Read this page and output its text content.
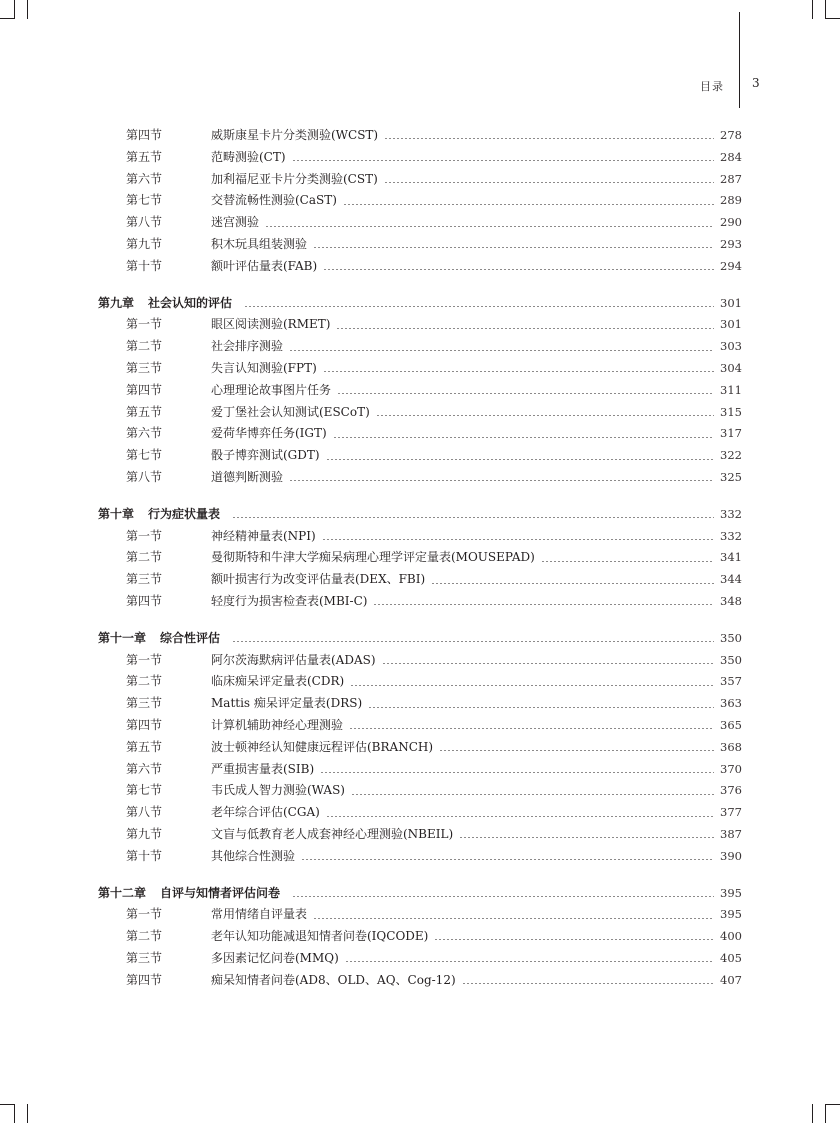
目录 3
第四节	威斯康星卡片分类测验(WCST)	278
第五节	范畴测验(CT)	284
第六节	加利福尼亚卡片分类测验(CST)	287
第七节	交替流畅性测验(CaST)	289
第八节	迷宫测验	290
第九节	积木玩具组装测验	293
第十节	额叶评估量表(FAB)	294
第九章 社会认知的评估	301
第一节	眼区阅读测验(RMET)	301
第二节	社会排序测验	303
第三节	失言认知测验(FPT)	304
第四节	心理理论故事图片任务	311
第五节	爱丁堡社会认知测试(ESCoT)	315
第六节	爱荷华博弈任务(IGT)	317
第七节	骰子博弈测试(GDT)	322
第八节	道德判断测验	325
第十章 行为症状量表	332
第一节	神经精神量表(NPI)	332
第二节	曼彻斯特和牛津大学痴呆病理心理学评定量表(MOUSEPAD)	341
第三节	额叶损害行为改变评估量表(DEX、FBI)	344
第四节	轻度行为损害检查表(MBI-C)	348
第十一章 综合性评估	350
第一节	阿尔茨海默病评估量表(ADAS)	350
第二节	临床痴呆评定量表(CDR)	357
第三节	Mattis 痴呆评定量表(DRS)	363
第四节	计算机辅助神经心理测验	365
第五节	波士顿神经认知健康远程评估(BRANCH)	368
第六节	严重损害量表(SIB)	370
第七节	韦氏成人智力测验(WAS)	376
第八节	老年综合评估(CGA)	377
第九节	文盲与低教育老人成套神经心理测验(NBEIL)	387
第十节	其他综合性测验	390
第十二章 自评与知情者评估问卷	395
第一节	常用情绪自评量表	395
第二节	老年认知功能减退知情者问卷(IQCODE)	400
第三节	多因素记忆问卷(MMQ)	405
第四节	痴呆知情者问卷(AD8、OLD、AQ、Cog-12)	407
